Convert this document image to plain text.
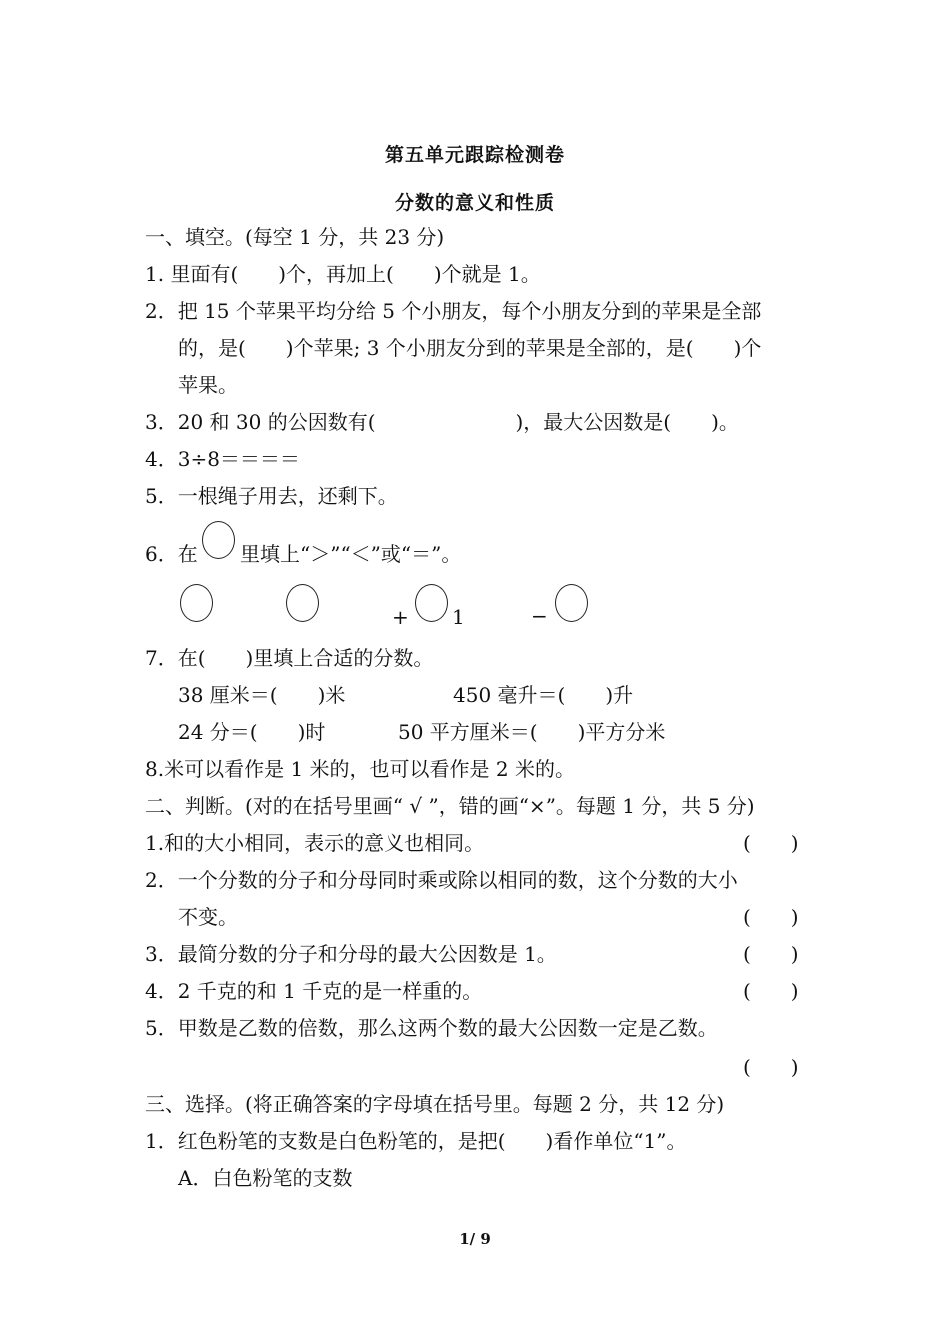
第五单元跟踪检测卷
分数的意义和性质
一、填空。(每空 1 分，共 23 分)
1. 里面有(　　)个，再加上(　　)个就是 1。
2．把 15 个苹果平均分给 5 个小朋友，每个小朋友分到的苹果是全部
的，是(　　)个苹果; 3 个小朋友分到的苹果是全部的，是(　　)个
苹果。
3．20 和 30 的公因数有(　　　　　　　)，最大公因数是(　　)。
4．3÷8＝＝＝＝
5．一根绳子用去，还剩下。
6．在 里填上“＞”“＜”或“＝”。
+ 1	−
7．在(　　)里填上合适的分数。
38 厘米＝(　　)米	450 毫升＝(　　)升
24 分＝(　　)时	50 平方厘米＝(　　)平方分米
8.米可以看作是 1 米的，也可以看作是 2 米的。
二、判断。(对的在括号里画“ √ ”，错的画“×”。每题 1 分，共 5 分)
1.和的大小相同，表示的意义也相同。	(　　)
2．一个分数的分子和分母同时乘或除以相同的数，这个分数的大小
不变。	(　　)
3．最简分数的分子和分母的最大公因数是 1。	(　　)
4．2 千克的和 1 千克的是一样重的。	(　　)
5．甲数是乙数的倍数，那么这两个数的最大公因数一定是乙数。
(　　)
三、选择。(将正确答案的字母填在括号里。每题 2 分，共 12 分)
1．红色粉笔的支数是白色粉笔的，是把(　　)看作单位“1”。
A．白色粉笔的支数
1/ 9
